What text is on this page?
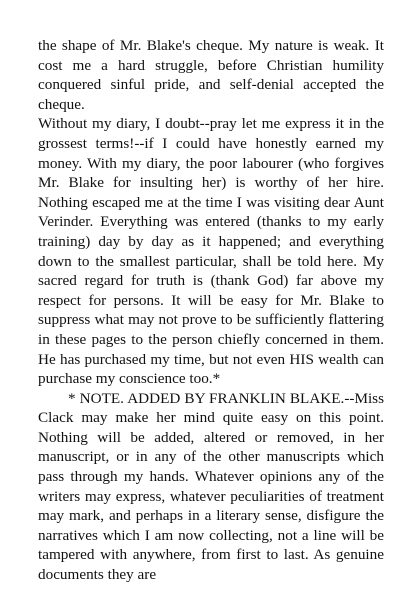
the shape of Mr. Blake's cheque. My nature is weak. It cost me a hard struggle, before Christian humility conquered sinful pride, and self-denial accepted the cheque.

Without my diary, I doubt--pray let me express it in the grossest terms!--if I could have honestly earned my money. With my diary, the poor labourer (who forgives Mr. Blake for insulting her) is worthy of her hire. Nothing escaped me at the time I was visiting dear Aunt Verinder. Everything was entered (thanks to my early training) day by day as it happened; and everything down to the smallest particular, shall be told here. My sacred regard for truth is (thank God) far above my respect for persons. It will be easy for Mr. Blake to suppress what may not prove to be sufficiently flattering in these pages to the person chiefly concerned in them. He has purchased my time, but not even HIS wealth can purchase my conscience too.*

* NOTE. ADDED BY FRANKLIN BLAKE.--Miss Clack may make her mind quite easy on this point. Nothing will be added, altered or removed, in her manuscript, or in any of the other manuscripts which pass through my hands. Whatever opinions any of the writers may express, whatever peculiarities of treatment may mark, and perhaps in a literary sense, disfigure the narratives which I am now collecting, not a line will be tampered with anywhere, from first to last. As genuine documents they are
